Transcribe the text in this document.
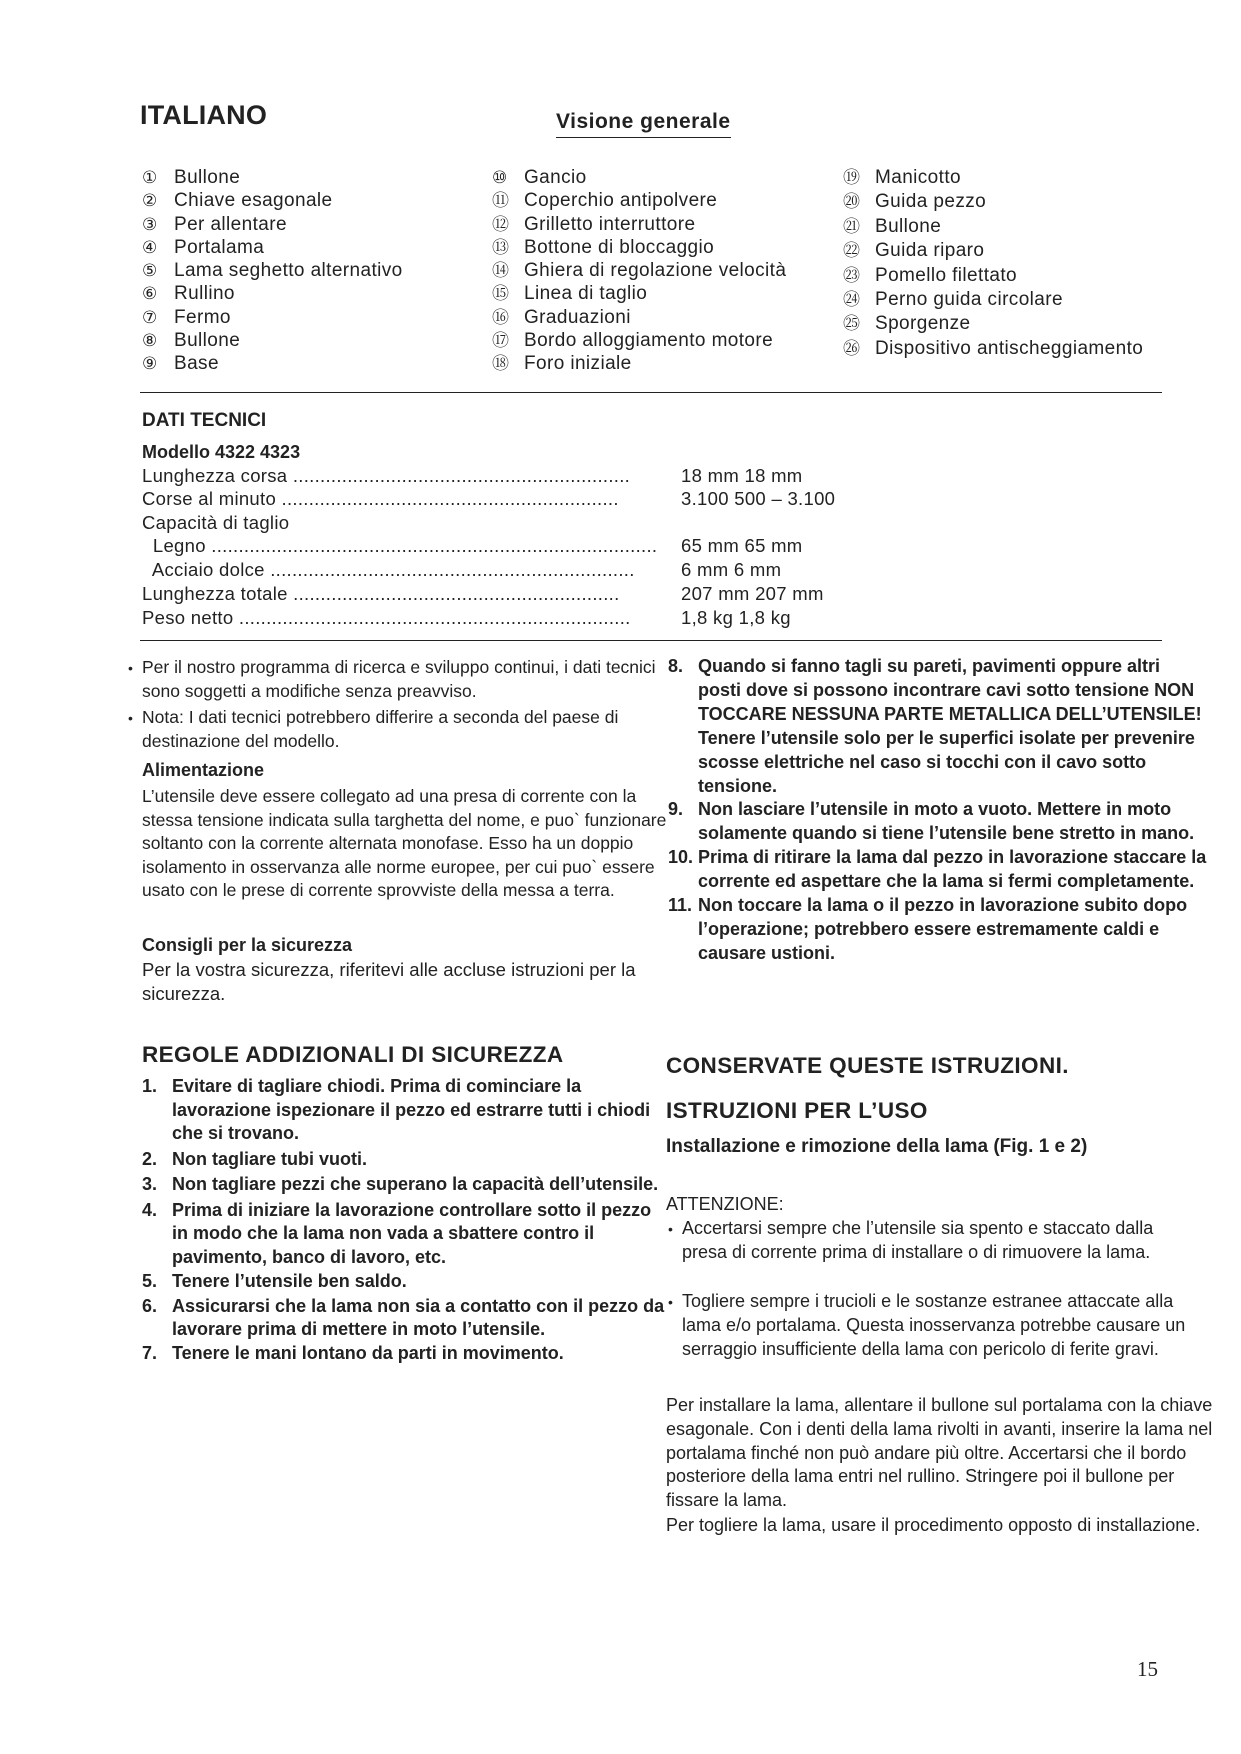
ITALIANO	Visione generale
① Bullone
② Chiave esagonale
③ Per allentare
④ Portalama
⑤ Lama seghetto alternativo
⑥ Rullino
⑦ Fermo
⑧ Bullone
⑨ Base
⑩ Gancio
⑪ Coperchio antipolvere
⑫ Grilletto interruttore
⑬ Bottone di bloccaggio
⑭ Ghiera di regolazione velocità
⑮ Linea di taglio
⑯ Graduazioni
⑰ Bordo alloggiamento motore
⑱ Foro iniziale
⑲ Manicotto
⑳ Guida pezzo
㉑ Bullone
㉒ Guida riparo
㉓ Pomello filettato
㉔ Perno guida circolare
㉕ Sporgenze
㉖ Dispositivo antischeggiamento
DATI TECNICI
Modello 4322 4323
Lunghezza corsa ..............................................................	18 mm 18 mm
Corse al minuto ..............................................................	3.100 500 – 3.100
Capacità di taglio
Legno ..................................................................................	65 mm 65 mm
Acciaio dolce ...................................................................	6 mm 6 mm
Lunghezza totale ............................................................	207 mm 207 mm
Peso netto ........................................................................	1,8 kg 1,8 kg
• Per il nostro programma di ricerca e sviluppo continui, i dati tecnici sono soggetti a modifiche senza preavviso.
• Nota: I dati tecnici potrebbero differire a seconda del paese di destinazione del modello.
Alimentazione
L’utensile deve essere collegato ad una presa di corrente con la stessa tensione indicata sulla targhetta del nome, e puo` funzionare soltanto con la corrente alternata monofase. Esso ha un doppio isolamento in osservanza alle norme europee, per cui puo` essere usato con le prese di corrente sprovviste della messa a terra.
Consigli per la sicurezza
Per la vostra sicurezza, riferitevi alle accluse istruzioni per la sicurezza.
REGOLE ADDIZIONALI DI SICUREZZA
1. Evitare di tagliare chiodi. Prima di cominciare la lavorazione ispezionare il pezzo ed estrarre tutti i chiodi che si trovano.
2. Non tagliare tubi vuoti.
3. Non tagliare pezzi che superano la capacità dell’utensile.
4. Prima di iniziare la lavorazione controllare sotto il pezzo in modo che la lama non vada a sbattere contro il pavimento, banco di lavoro, etc.
5. Tenere l’utensile ben saldo.
6. Assicurarsi che la lama non sia a contatto con il pezzo da lavorare prima di mettere in moto l’utensile.
7. Tenere le mani lontano da parti in movimento.
8. Quando si fanno tagli su pareti, pavimenti oppure altri posti dove si possono incontrare cavi sotto tensione NON TOCCARE NESSUNA PARTE METALLICA DELL’UTENSILE! Tenere l’utensile solo per le superfici isolate per prevenire scosse elettriche nel caso si tocchi con il cavo sotto tensione.
9. Non lasciare l’utensile in moto a vuoto. Mettere in moto solamente quando si tiene l’utensile bene stretto in mano.
10. Prima di ritirare la lama dal pezzo in lavorazione staccare la corrente ed aspettare che la lama si fermi completamente.
11. Non toccare la lama o il pezzo in lavorazione subito dopo l’operazione; potrebbero essere estremamente caldi e causare ustioni.
CONSERVATE QUESTE ISTRUZIONI.
ISTRUZIONI PER L’USO
Installazione e rimozione della lama (Fig. 1 e 2)
ATTENZIONE:
• Accertarsi sempre che l’utensile sia spento e staccato dalla presa di corrente prima di installare o di rimuovere la lama.
• Togliere sempre i trucioli e le sostanze estranee attaccate alla lama e/o portalama. Questa inosservanza potrebbe causare un serraggio insufficiente della lama con pericolo di ferite gravi.
Per installare la lama, allentare il bullone sul portalama con la chiave esagonale. Con i denti della lama rivolti in avanti, inserire la lama nel portalama finché non può andare più oltre. Accertarsi che il bordo posteriore della lama entri nel rullino. Stringere poi il bullone per fissare la lama.
Per togliere la lama, usare il procedimento opposto di installazione.
15
